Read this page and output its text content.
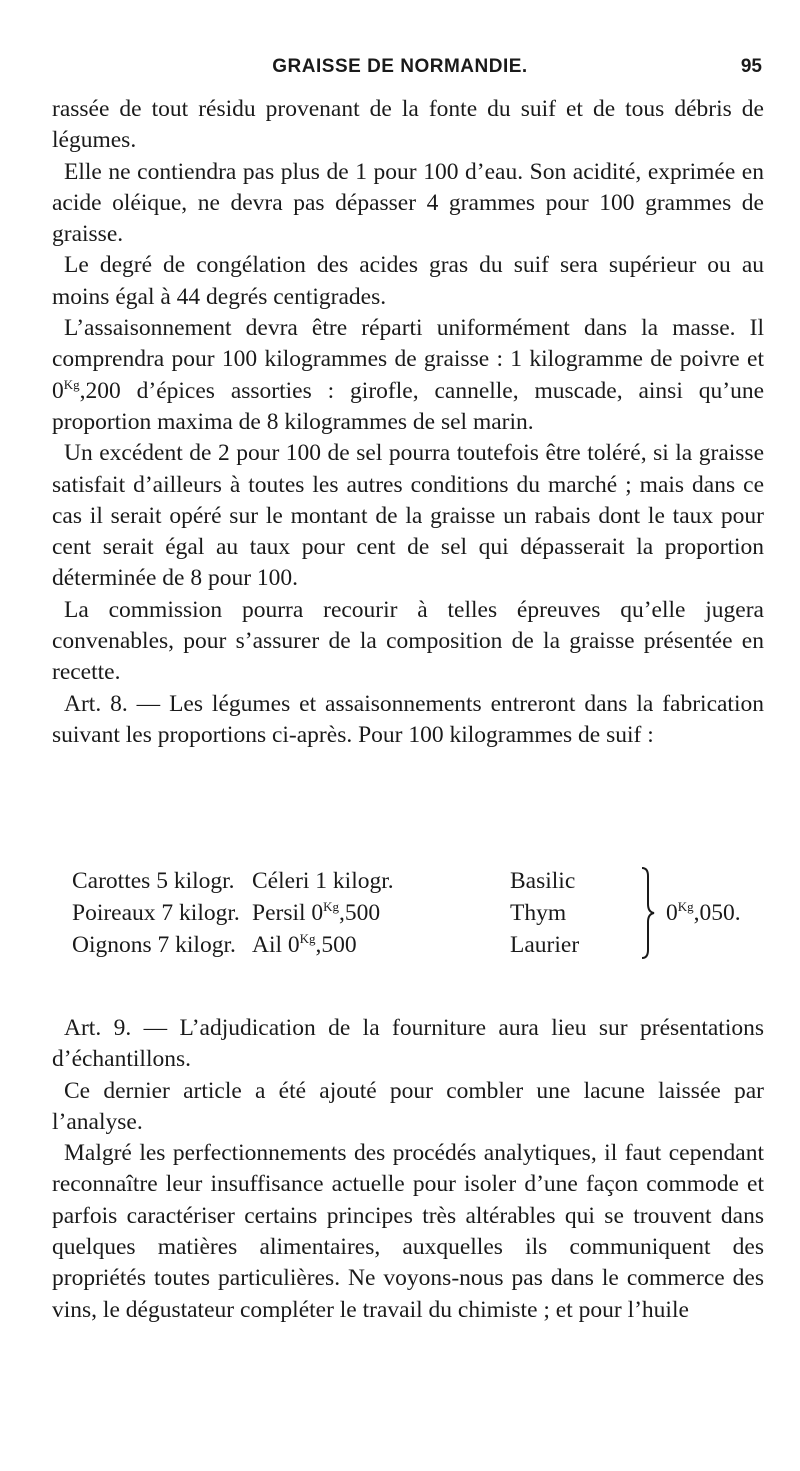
GRAISSE DE NORMANDIE.	95

rassée de tout résidu provenant de la fonte du suif et de tous débris de légumes.

Elle ne contiendra pas plus de 1 pour 100 d’eau. Son acidité, exprimée en acide oléique, ne devra pas dépasser 4 grammes pour 100 grammes de graisse.

Le degré de congélation des acides gras du suif sera supérieur ou au moins égal à 44 degrés centigrades.

L’assaisonnement devra être réparti uniformément dans la masse. Il comprendra pour 100 kilogrammes de graisse : 1 kilogramme de poivre et $0^{Kg},200$ d’épices assorties : girofle, cannelle, muscade, ainsi qu’une proportion maxima de 8 kilogrammes de sel marin.

Un excédent de 2 pour 100 de sel pourra toutefois être toléré, si la graisse satisfait d’ailleurs à toutes les autres conditions du marché ; mais dans ce cas il serait opéré sur le montant de la graisse un rabais dont le taux pour cent serait égal au taux pour cent de sel qui dépasserait la proportion déterminée de 8 pour 100.

La commission pourra recourir à telles épreuves qu’elle jugera convenables, pour s’assurer de la composition de la graisse présentée en recette.

Art. 8. — Les légumes et assaisonnements entreront dans la fabrication suivant les proportions ci-après. Pour 100 kilogrammes de suif :

Carottes 5 kilogr. Céleri 1 kilogr.	Basilic
Poireaux 7 kilogr. Persil $0^{Kg},500$	Thym
Oignons 7 kilogr. Ail $0^{Kg},500$	Laurier
$0^{Kg},050$.

Art. 9. — L’adjudication de la fourniture aura lieu sur présentations d’échantillons.

Ce dernier article a été ajouté pour combler une lacune laissée par l’analyse.

Malgré les perfectionnements des procédés analytiques, il faut cependant reconnaître leur insuffisance actuelle pour isoler d’une façon commode et parfois caractériser certains principes très altérables qui se trouvent dans quelques matières alimentaires, auxquelles ils communiquent des propriétés toutes particulières. Ne voyons-nous pas dans le commerce des vins, le dégustateur compléter le travail du chimiste ; et pour l’huile
